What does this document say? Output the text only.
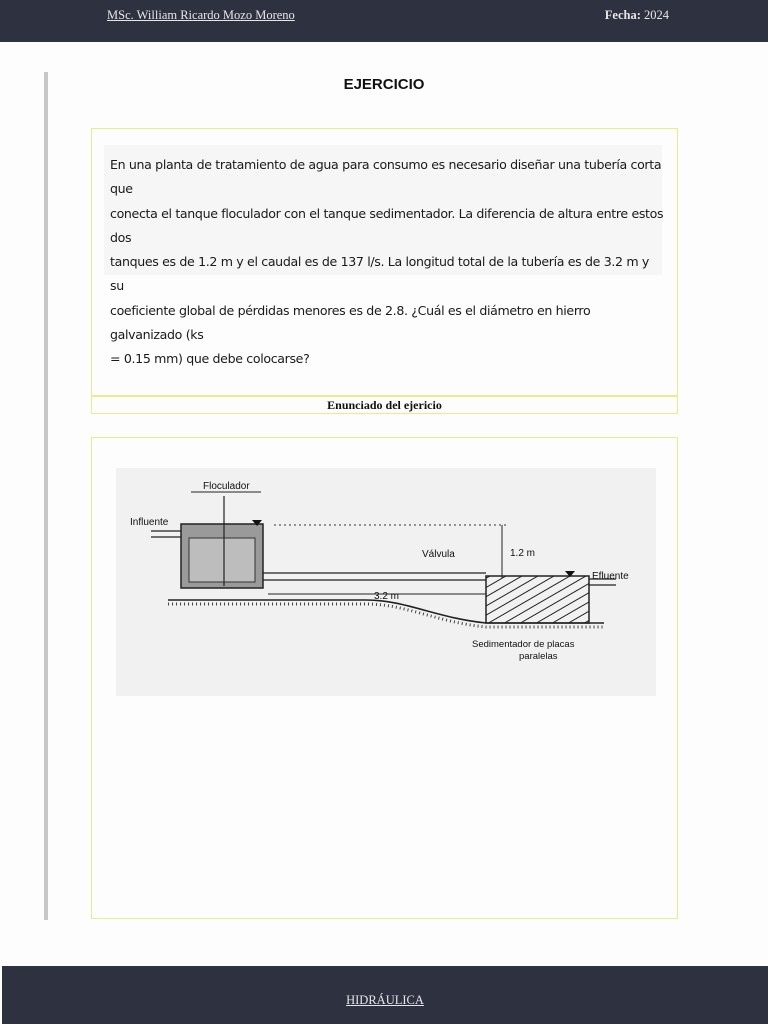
MSc. William Ricardo Mozo Moreno	Fecha: 2024
EJERCICIO
En una planta de tratamiento de agua para consumo es necesario diseñar una tubería corta que
conecta el tanque floculador con el tanque sedimentador. La diferencia de altura entre estos dos
tanques es de 1.2 m y el caudal es de 137 l/s. La longitud total de la tubería es de 3.2 m y su
coeficiente global de pérdidas menores es de 2.8. ¿Cuál es el diámetro en hierro galvanizado (ks
= 0.15 mm) que debe colocarse?
Enunciado del ejericio
Floculador
Influente
Válvula
3.2 m
1.2 m
Efluente
Sedimentador de placas
paralelas
HIDRÁULICA
